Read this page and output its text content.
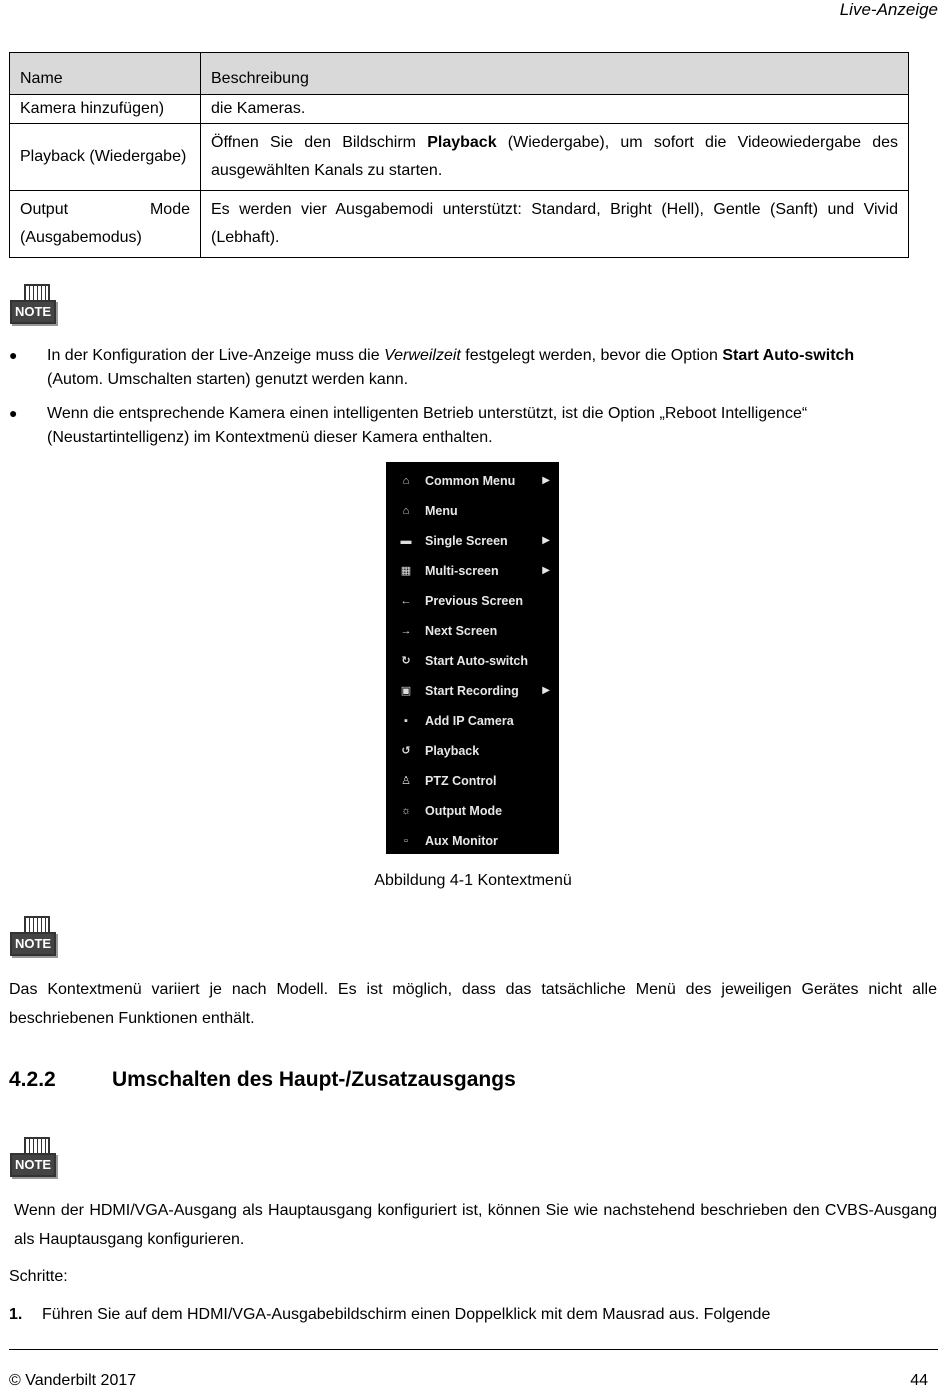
Live-Anzeige
Name	Beschreibung
Kamera hinzufügen)	die Kameras.
Playback (Wiedergabe)	Öffnen Sie den Bildschirm Playback (Wiedergabe), um sofort die Videowiedergabe des ausgewählten Kanals zu starten.

Output Mode
(Ausgabemodus)	Es werden vier Ausgabemodi unterstützt: Standard, Bright (Hell), Gentle (Sanft) und Vivid (Lebhaft).
NOTE
● In der Konfiguration der Live-Anzeige muss die Verweilzeit festgelegt werden, bevor die Option Start Auto-switch (Autom. Umschalten starten) genutzt werden kann.
● Wenn die entsprechende Kamera einen intelligenten Betrieb unterstützt, ist die Option „Reboot Intelligence“ (Neustartintelligenz) im Kontextmenü dieser Kamera enthalten.
⌂ Common Menu	▶
⌂ Menu
▬ Single Screen	▶
▦ Multi-screen	▶
← Previous Screen
→ Next Screen
↻ Start Auto-switch
▣ Start Recording ▶
▪	Add IP Camera
↺ Playback
♙ PTZ Control
☼ Output Mode
▫	Aux Monitor
Abbildung 4-1 Kontextmenü
NOTE
Das Kontextmenü variiert je nach Modell. Es ist möglich, dass das tatsächliche Menü des jeweiligen Gerätes nicht alle beschriebenen Funktionen enthält.
4.2.2	Umschalten des Haupt-/Zusatzausgangs
NOTE
Wenn der HDMI/VGA-Ausgang als Hauptausgang konfiguriert ist, können Sie wie nachstehend beschrieben den CVBS-Ausgang als Hauptausgang konfigurieren.
Schritte:
1. Führen Sie auf dem HDMI/VGA-Ausgabebildschirm einen Doppelklick mit dem Mausrad aus. Folgende
© Vanderbilt 2017	44
